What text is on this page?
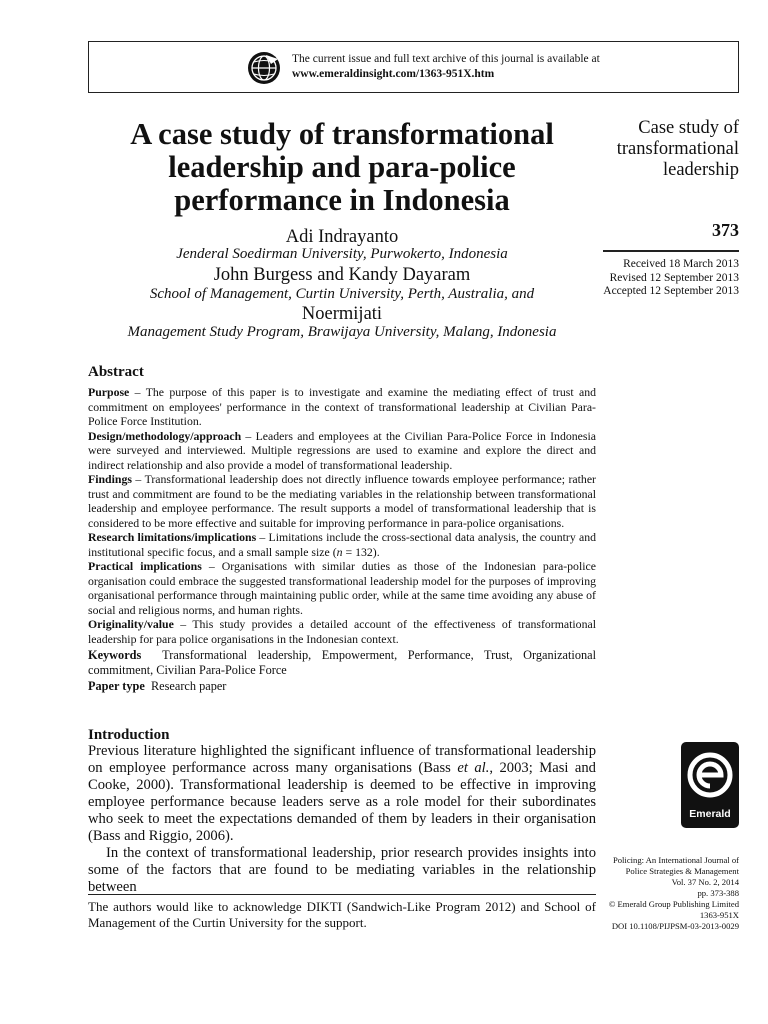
The current issue and full text archive of this journal is available at
www.emeraldinsight.com/1363-951X.htm
A case study of transformational
leadership and para-police
performance in Indonesia
Adi Indrayanto
Jenderal Soedirman University, Purwokerto, Indonesia
John Burgess and Kandy Dayaram
School of Management, Curtin University, Perth, Australia, and
Noermijati
Management Study Program, Brawijaya University, Malang, Indonesia
Case study of
transformational
leadership
373
Received 18 March 2013
Revised 12 September 2013
Accepted 12 September 2013
Abstract

Purpose – The purpose of this paper is to investigate and examine the mediating effect of trust and commitment on employees' performance in the context of transformational leadership at Civilian Para-Police Force Institution.

Design/methodology/approach – Leaders and employees at the Civilian Para-Police Force in Indonesia were surveyed and interviewed. Multiple regressions are used to examine and explore the direct and indirect relationship and also provide a model of transformational leadership.

Findings – Transformational leadership does not directly influence towards employee performance; rather trust and commitment are found to be the mediating variables in the relationship between transformational leadership and employee performance. The result supports a model of transformational leadership that is considered to be more effective and suitable for improving performance in para-police organisations.

Research limitations/implications – Limitations include the cross-sectional data analysis, the country and institutional specific focus, and a small sample size (n = 132).

Practical implications – Organisations with similar duties as those of the Indonesian para-police organisation could embrace the suggested transformational leadership model for the purposes of improving organisational performance through maintaining public order, while at the same time avoiding any abuse of social and religious norms, and human rights.

Originality/value – This study provides a detailed account of the effectiveness of transformational leadership for para police organisations in the Indonesian context.

Keywords  Transformational leadership, Empowerment, Performance, Trust, Organizational commitment, Civilian Para-Police Force

Paper type  Research paper

Introduction

Previous literature highlighted the significant influence of transformational leadership on employee performance across many organisations (Bass et al., 2003; Masi and Cooke, 2000). Transformational leadership is deemed to be effective in improving employee performance because leaders serve as a role model for their subordinates who seek to meet the expectations demanded of them by leaders in their organisation (Bass and Riggio, 2006).

In the context of transformational leadership, prior research provides insights into some of the factors that are found to be mediating variables in the relationship between

The authors would like to acknowledge DIKTI (Sandwich-Like Program 2012) and School of Management of the Curtin University for the support.
Emerald
Policing: An International Journal of
Police Strategies & Management
Vol. 37 No. 2, 2014
pp. 373-388
© Emerald Group Publishing Limited
1363-951X
DOI 10.1108/PIJPSM-03-2013-0029
